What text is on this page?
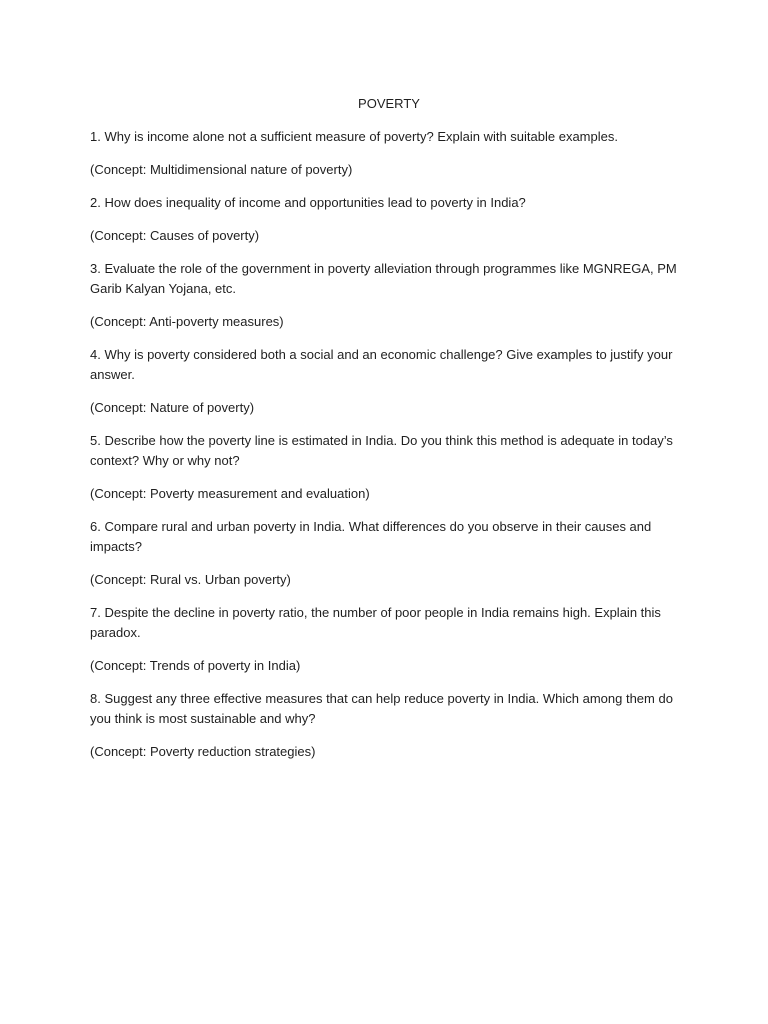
POVERTY

1. Why is income alone not a sufficient measure of poverty? Explain with suitable examples.

(Concept: Multidimensional nature of poverty)

2. How does inequality of income and opportunities lead to poverty in India?

(Concept: Causes of poverty)

3. Evaluate the role of the government in poverty alleviation through programmes like MGNREGA, PM Garib Kalyan Yojana, etc.

(Concept: Anti-poverty measures)

4. Why is poverty considered both a social and an economic challenge? Give examples to justify your answer.

(Concept: Nature of poverty)

5. Describe how the poverty line is estimated in India. Do you think this method is adequate in today’s context? Why or why not?

(Concept: Poverty measurement and evaluation)

6. Compare rural and urban poverty in India. What differences do you observe in their causes and impacts?

(Concept: Rural vs. Urban poverty)

7. Despite the decline in poverty ratio, the number of poor people in India remains high. Explain this paradox.

(Concept: Trends of poverty in India)

8. Suggest any three effective measures that can help reduce poverty in India. Which among them do you think is most sustainable and why?

(Concept: Poverty reduction strategies)
